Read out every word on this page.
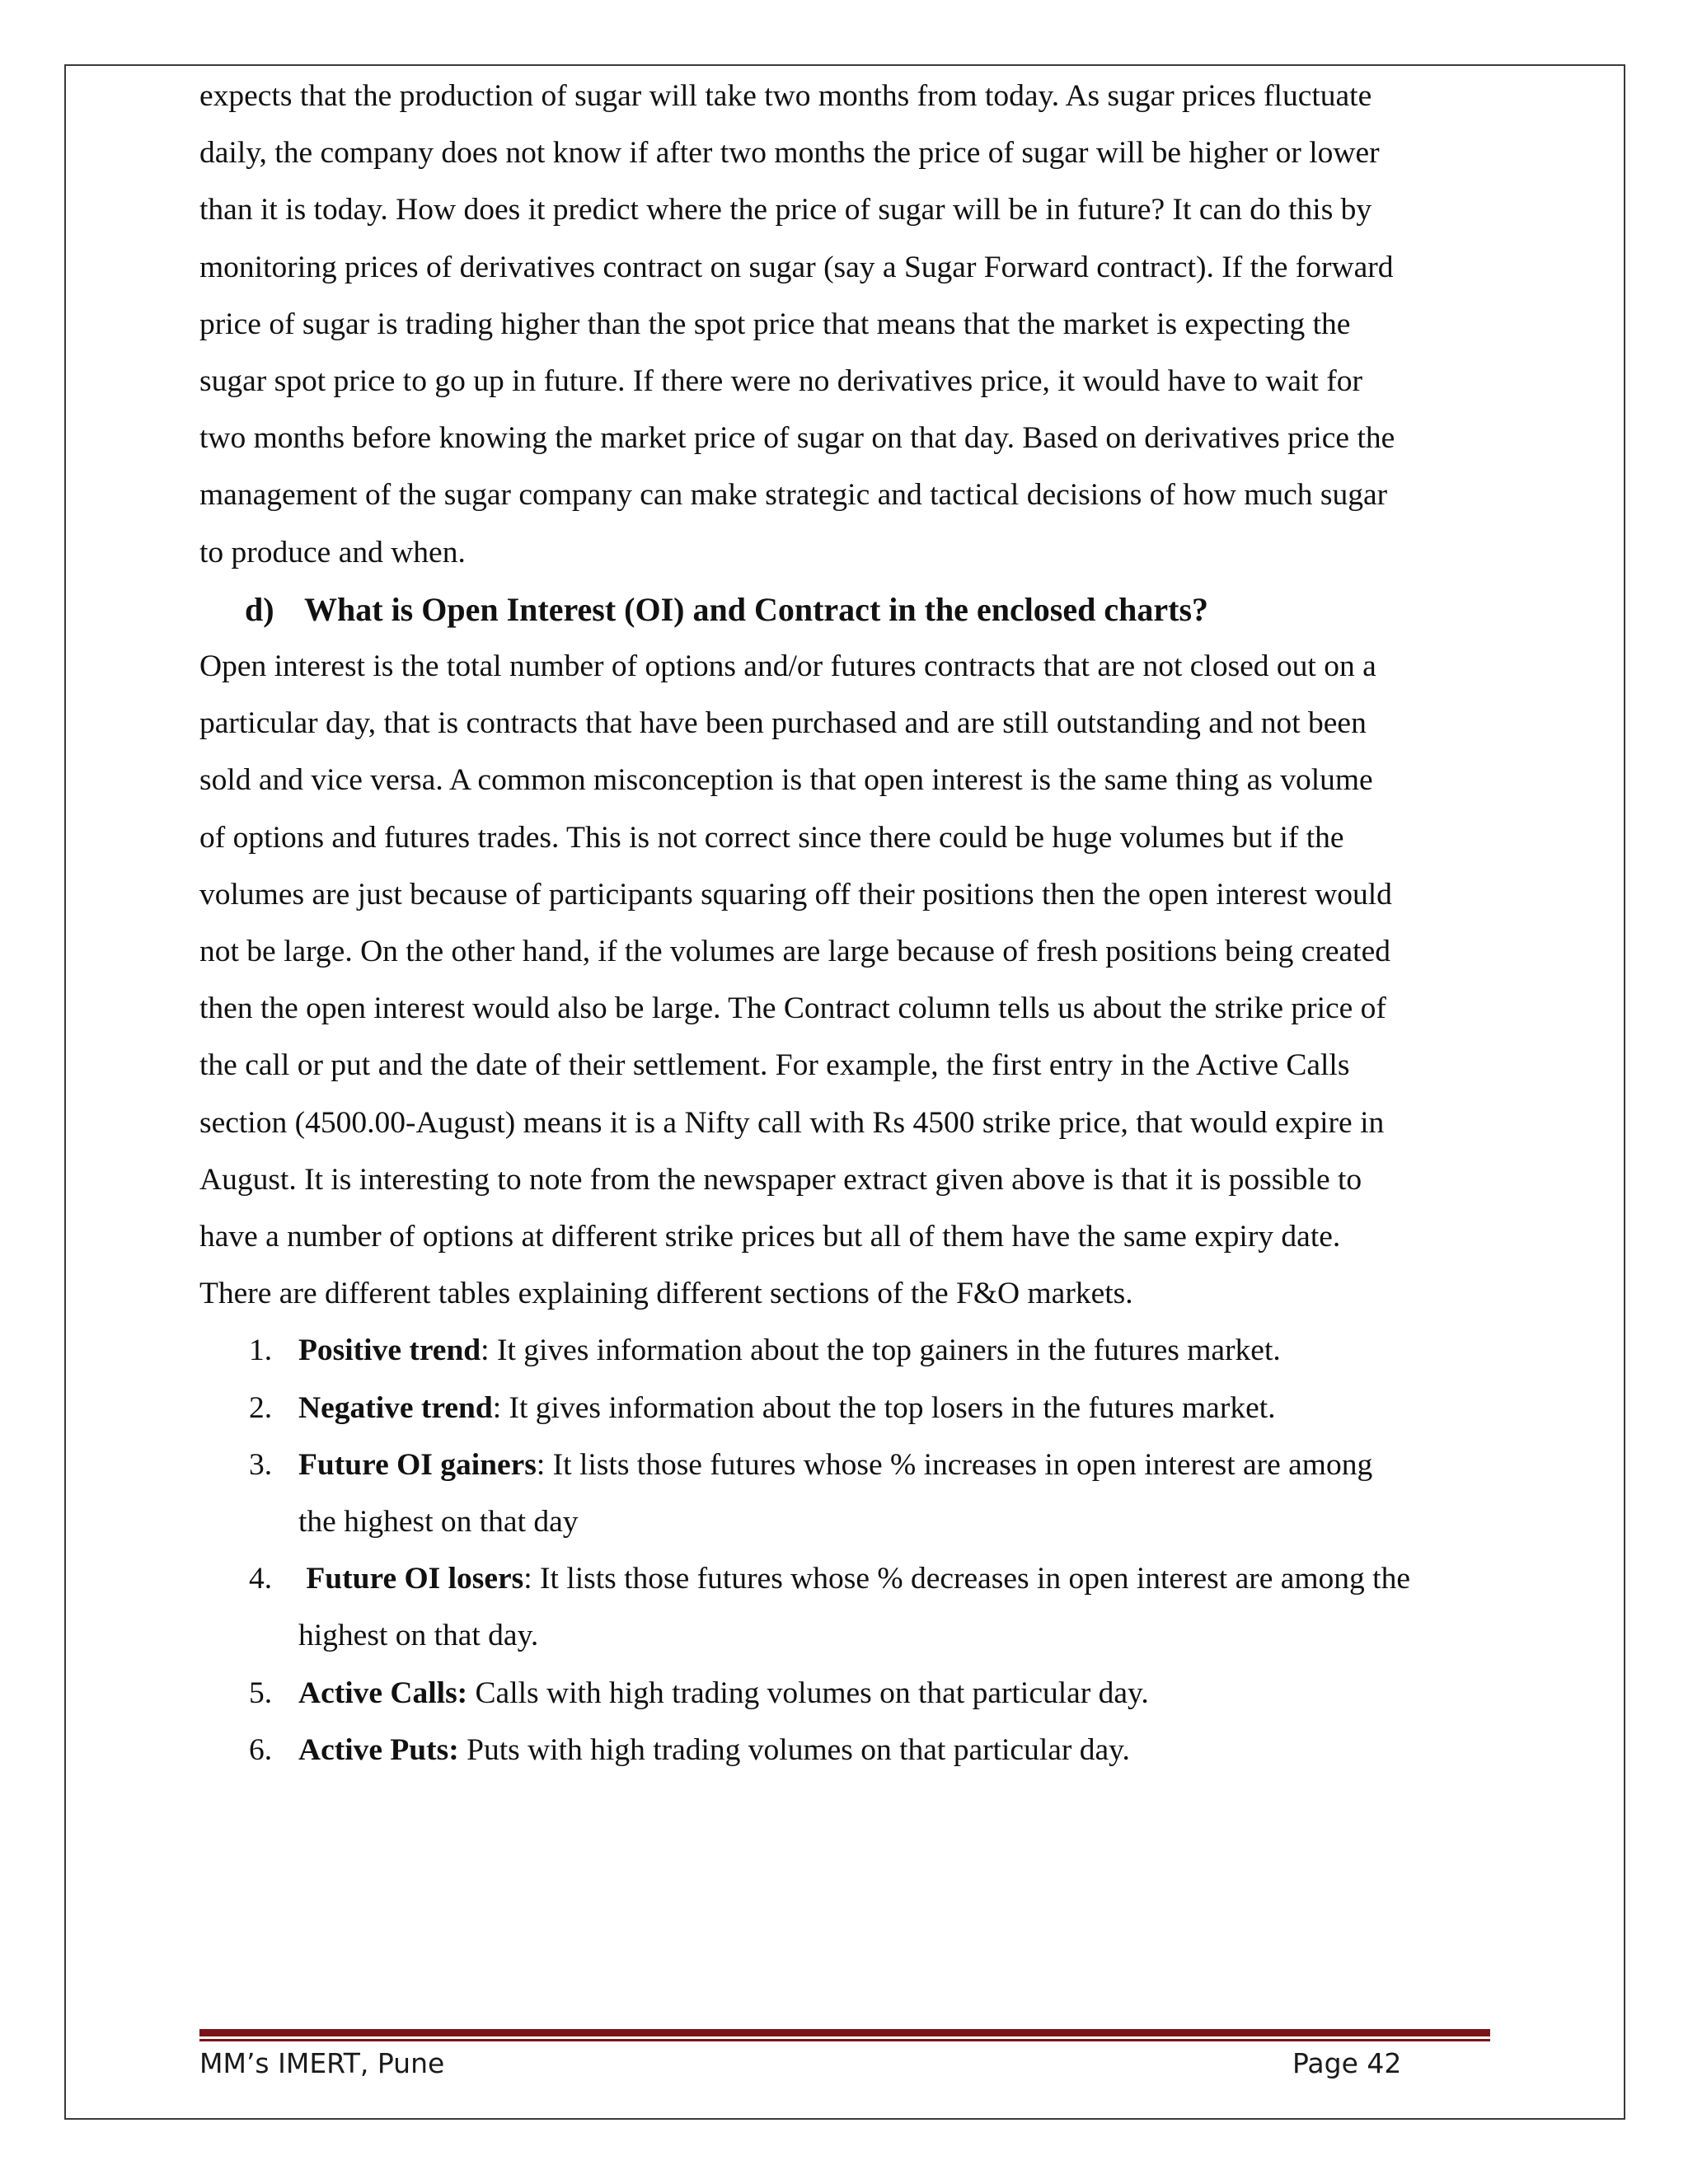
expects that the production of sugar will take two months from today. As sugar prices fluctuate

daily, the company does not know if after two months the price of sugar will be higher or lower

than it is today. How does it predict where the price of sugar will be in future? It can do this by

monitoring prices of derivatives contract on sugar (say a Sugar Forward contract). If the forward

price of sugar is trading higher than the spot price that means that the market is expecting the

sugar spot price to go up in future. If there were no derivatives price, it would have to wait for

two months before knowing the market price of sugar on that day. Based on derivatives price the

management of the sugar company can make strategic and tactical decisions of how much sugar

to produce and when.

d) What is Open Interest (OI) and Contract in the enclosed charts?

Open interest is the total number of options and/or futures contracts that are not closed out on a

particular day, that is contracts that have been purchased and are still outstanding and not been

sold and vice versa. A common misconception is that open interest is the same thing as volume

of options and futures trades. This is not correct since there could be huge volumes but if the

volumes are just because of participants squaring off their positions then the open interest would

not be large. On the other hand, if the volumes are large because of fresh positions being created

then the open interest would also be large. The Contract column tells us about the strike price of

the call or put and the date of their settlement. For example, the first entry in the Active Calls

section (4500.00-August) means it is a Nifty call with Rs 4500 strike price, that would expire in

August. It is interesting to note from the newspaper extract given above is that it is possible to

have a number of options at different strike prices but all of them have the same expiry date.

There are different tables explaining different sections of the F&O markets.

1. Positive trend: It gives information about the top gainers in the futures market.
2. Negative trend: It gives information about the top losers in the futures market.
3. Future OI gainers: It lists those futures whose % increases in open interest are among
the highest on that day
4. Future OI losers: It lists those futures whose % decreases in open interest are among the
highest on that day.
5. Active Calls: Calls with high trading volumes on that particular day.
6. Active Puts: Puts with high trading volumes on that particular day.
MM’s IMERT, Pune	Page 42
